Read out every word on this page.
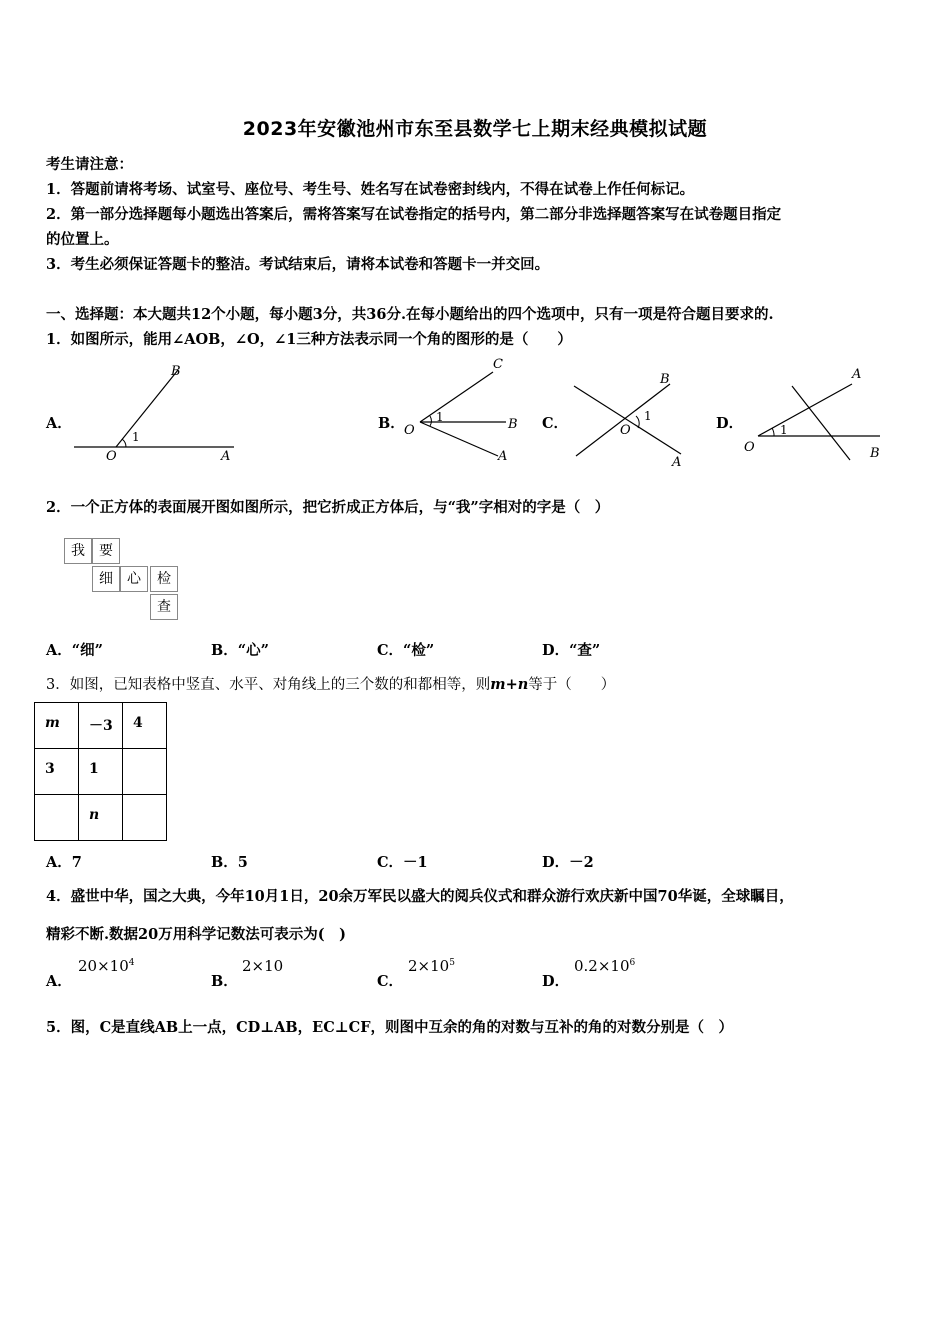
2023年安徽池州市东至县数学七上期末经典模拟试题
考生请注意：
1．答题前请将考场、试室号、座位号、考生号、姓名写在试卷密封线内，不得在试卷上作任何标记。
2．第一部分选择题每小题选出答案后，需将答案写在试卷指定的括号内，第二部分非选择题答案写在试卷题目指定
的位置上。
3．考生必须保证答题卡的整洁。考试结束后，请将本试卷和答题卡一并交回。
一、选择题：本大题共12个小题，每小题3分，共36分.在每小题给出的四个选项中，只有一项是符合题目要求的.
1．如图所示，能用∠AOB，∠O，∠1三种方法表示同一个角的图形的是（　　）
A．
B
O	A
1
B．
C
O	B
A
1	C．
B
O
A
1	D．
A
O	B
1
2．一个正方体的表面展开图如图所示，把它折成正方体后，与“我”字相对的字是（　）
我	要
细	心	检
查
A．“细”	B．“心”	C．“检”	D．“查”
3．如图，已知表格中竖直、水平、对角线上的三个数的和都相等，则m+n等于（　　）
m	－3	4
3	1	
	n	
A．7	B．5	C．－1	D．－2
4．盛世中华，国之大典，今年10月1日，20余万军民以盛大的阅兵仪式和群众游行欢庆新中国70华诞，全球瞩目，
精彩不断.数据20万用科学记数法可表示为(　)
A．
$20\times 10^4$
B．
2×10
C．
$2\times 10^5$
D．
$0.2\times 10^6$
5．图，C是直线AB上一点，CD⊥AB，EC⊥CF，则图中互余的角的对数与互补的角的对数分别是（　）
